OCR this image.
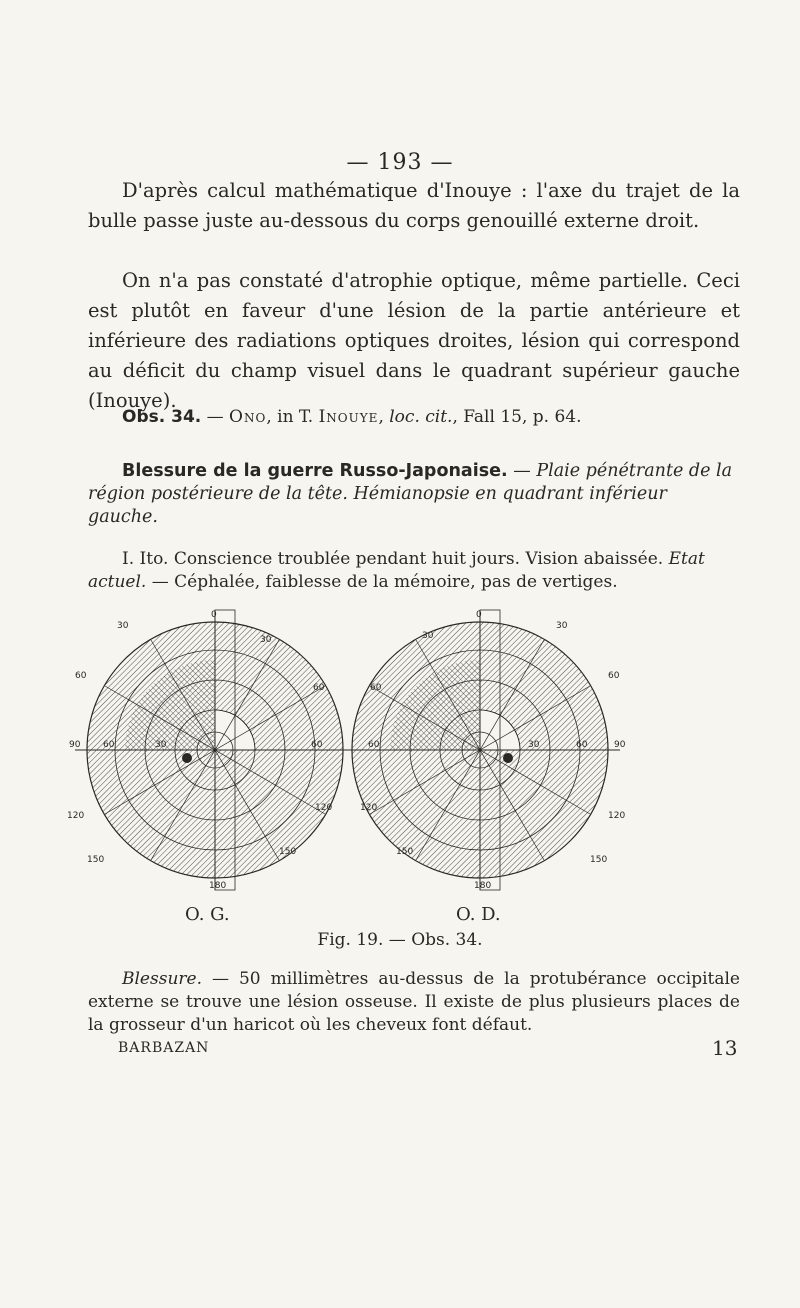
— 193 —
D'après calcul mathématique d'Inouye : l'axe du trajet de la bulle passe juste au-dessous du corps genouillé externe droit.
On n'a pas constaté d'atrophie optique, même partielle. Ceci est plutôt en faveur d'une lésion de la partie antérieure et inférieure des radiations optiques droites, lésion qui correspond au déficit du champ visuel dans le quadrant supérieur gauche (Inouye).
Obs. 34. — Ono, in T. Inouye, loc. cit., Fall 15, p. 64.
Blessure de la guerre Russo-Japonaise. — Plaie pénétrante de la région postérieure de la tête. Hémianopsie en quadrant inférieur gauche.
I. Ito. Conscience troublée pendant huit jours. Vision abaissée. Etat actuel. — Céphalée, faiblesse de la mémoire, pas de vertiges.
0
30
30
60
60
90	60	30	60
120
120
150
150
180
0
30
30
60
60
90
60	30	60
120
120
150
150
180
O. G.	O. D.
Fig. 19. — Obs. 34.
Blessure. — 50 millimètres au-dessus de la protubérance occipitale externe se trouve une lésion osseuse. Il existe de plus plusieurs places de la grosseur d'un haricot où les cheveux font défaut.
BARBAZAN	13
